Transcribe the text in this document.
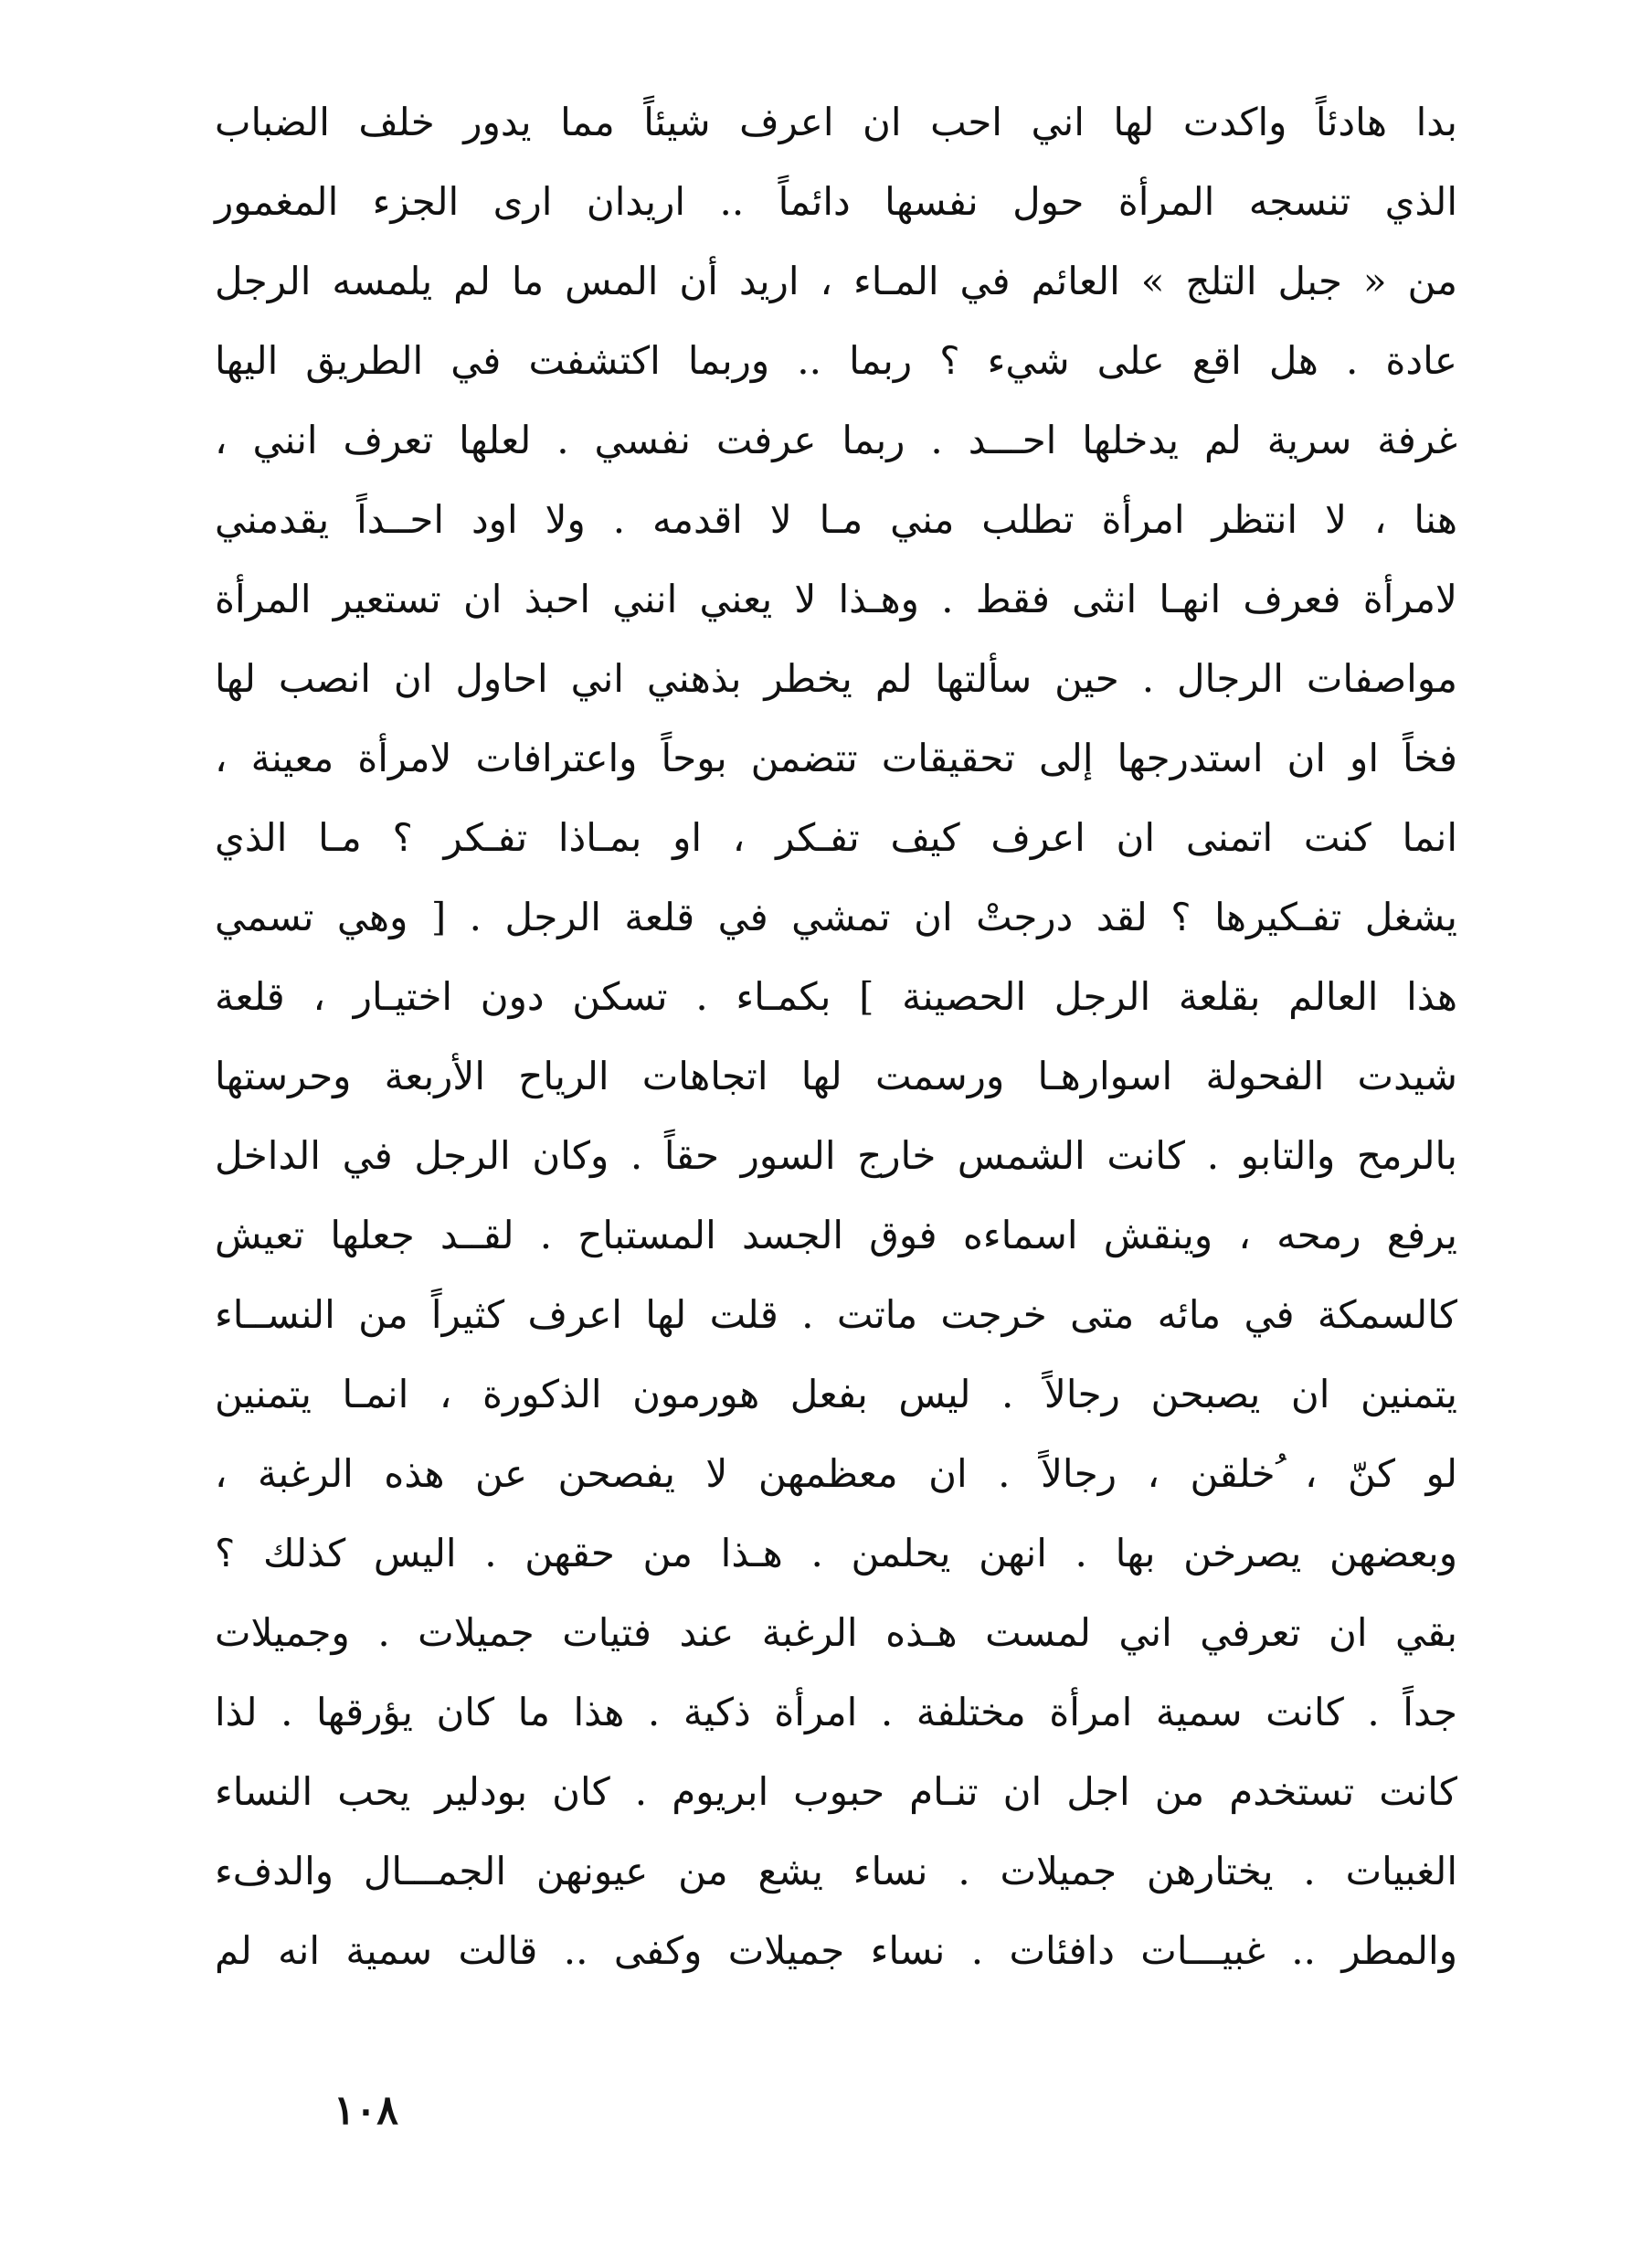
بدا هادئاً واكدت لها اني احب ان اعرف شيئاً مما يدور خلف الضباب
الذي تنسجه المرأة حول نفسها دائماً .. اريدان ارى الجزء المغمور
من « جبل التلج » العائم في المـاء ، اريد أن المس ما لم يلمسه الرجل
عادة . هل اقع على شيء ؟ ربما .. وربما اكتشفت في الطريق اليها
غرفة سرية لم يدخلها احـــد . ربما عرفت نفسي . لعلها تعرف انني ،
هنا ، لا انتظر امرأة تطلب مني مـا لا اقدمه . ولا اود احــداً يقدمني
لامرأة فعرف انهـا انثى فقط . وهـذا لا يعني انني احبذ ان تستعير المرأة
مواصفات الرجال . حين سألتها لم يخطر بذهني اني احاول ان انصب لها
فخاً او ان استدرجها إلى تحقيقات تتضمن بوحاً واعترافات لامرأة معينة ،
انما كنت اتمنى ان اعرف كيف تفـكر ، او بمـاذا تفـكر ؟ مـا الذي
يشغل تفـكيرها ؟ لقد درجتْ ان تمشي في قلعة الرجل . [ وهي تسمي
هذا العالم بقلعة الرجل الحصينة ] بكمـاء . تسكن دون اختيـار ، قلعة
شيدت الفحولة اسوارهـا ورسمت لها اتجاهات الرياح الأربعة وحرستها
بالرمح والتابو . كانت الشمس خارج السور حقاً . وكان الرجل في الداخل
يرفع رمحه ، وينقش اسماءه فوق الجسد المستباح . لقــد جعلها تعيش
كالسمكة في مائه متى خرجت ماتت . قلت لها اعرف كثيراً من النســاء
يتمنين ان يصبحن رجالاً . ليس بفعل هورمون الذكورة ، انمـا يتمنين
لو كنّ ، ُخلقن ، رجالاً . ان معظمهن لا يفصحن عن هذه الرغبة ،
وبعضهن يصرخن بها . انهن يحلمن . هـذا من حقهن . اليس كذلك ؟
بقي ان تعرفي اني لمست هـذه الرغبة عند فتيات جميلات . وجميلات
جداً . كانت سمية امرأة مختلفة . امرأة ذكية . هذا ما كان يؤرقها . لذا
كانت تستخدم من اجل ان تنـام حبوب ابريوم . كان بودلير يحب النساء
الغبيات . يختارهن جميلات . نساء يشع من عيونهن الجمـــال والدفء
والمطر .. غبيـــات دافئات . نساء جميلات وكفى .. قالت سمية انه لم
١٠٨
